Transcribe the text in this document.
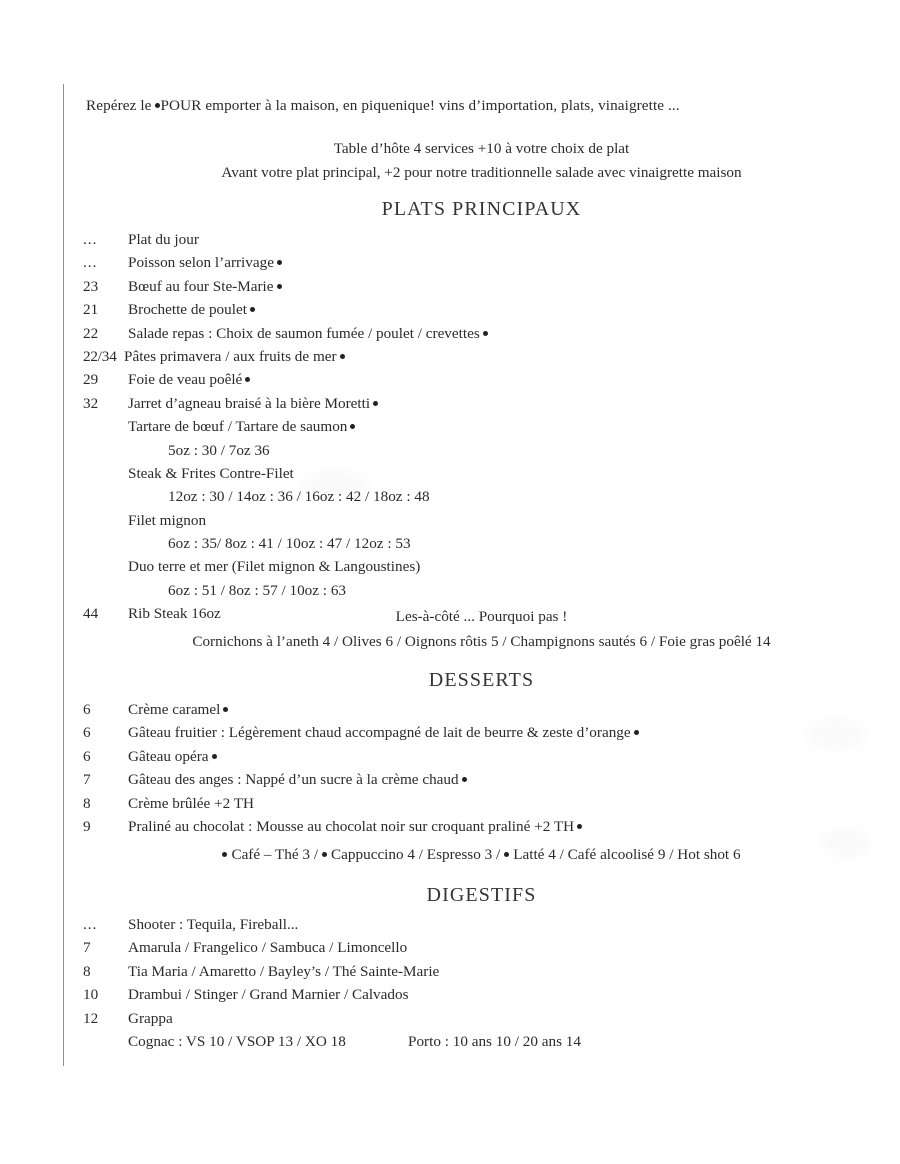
Repérez le POUR emporter à la maison, en piquenique! vins d’importation, plats, vinaigrette ...
Table d’hôte 4 services +10 à votre choix de plat
Avant votre plat principal, +2 pour notre traditionnelle salade avec vinaigrette maison
PLATS PRINCIPAUX
...	Plat du jour
...	Poisson selon l’arrivage
23	Bœuf au four Ste-Marie
21	Brochette de poulet
22	Salade repas : Choix de saumon fumée / poulet / crevettes
22/34 Pâtes primavera / aux fruits de mer
29	Foie de veau poêlé
32	Jarret d’agneau braisé à la bière Moretti
Tartare de bœuf / Tartare de saumon
5oz : 30 / 7oz 36
Steak & Frites Contre-Filet
12oz : 30 / 14oz : 36 / 16oz : 42 / 18oz : 48
Filet mignon
6oz : 35/ 8oz : 41 / 10oz : 47 / 12oz : 53
Duo terre et mer (Filet mignon & Langoustines)
6oz : 51 / 8oz : 57 / 10oz : 63
44	Rib Steak 16oz	Les-à-côté ... Pourquoi pas !
Cornichons à l’aneth 4 / Olives 6 / Oignons rôtis 5 / Champignons sautés 6 / Foie gras poêlé 14
DESSERTS
6	Crème caramel
6	Gâteau fruitier : Légèrement chaud accompagné de lait de beurre & zeste d’orange
6	Gâteau opéra
7	Gâteau des anges : Nappé d’un sucre à la crème chaud
8	Crème brûlée +2 TH
9	Praliné au chocolat : Mousse au chocolat noir sur croquant praliné +2 TH
Café – Thé 3 / Cappuccino 4 / Espresso 3 / Latté 4 / Café alcoolisé 9 / Hot shot 6
DIGESTIFS
...	Shooter : Tequila, Fireball...
7	Amarula / Frangelico / Sambuca / Limoncello
8	Tia Maria / Amaretto / Bayley’s / Thé Sainte-Marie
10	Drambui / Stinger / Grand Marnier / Calvados
12	Grappa
Cognac : VS 10 / VSOP 13 / XO 18	Porto : 10 ans 10 / 20 ans 14
